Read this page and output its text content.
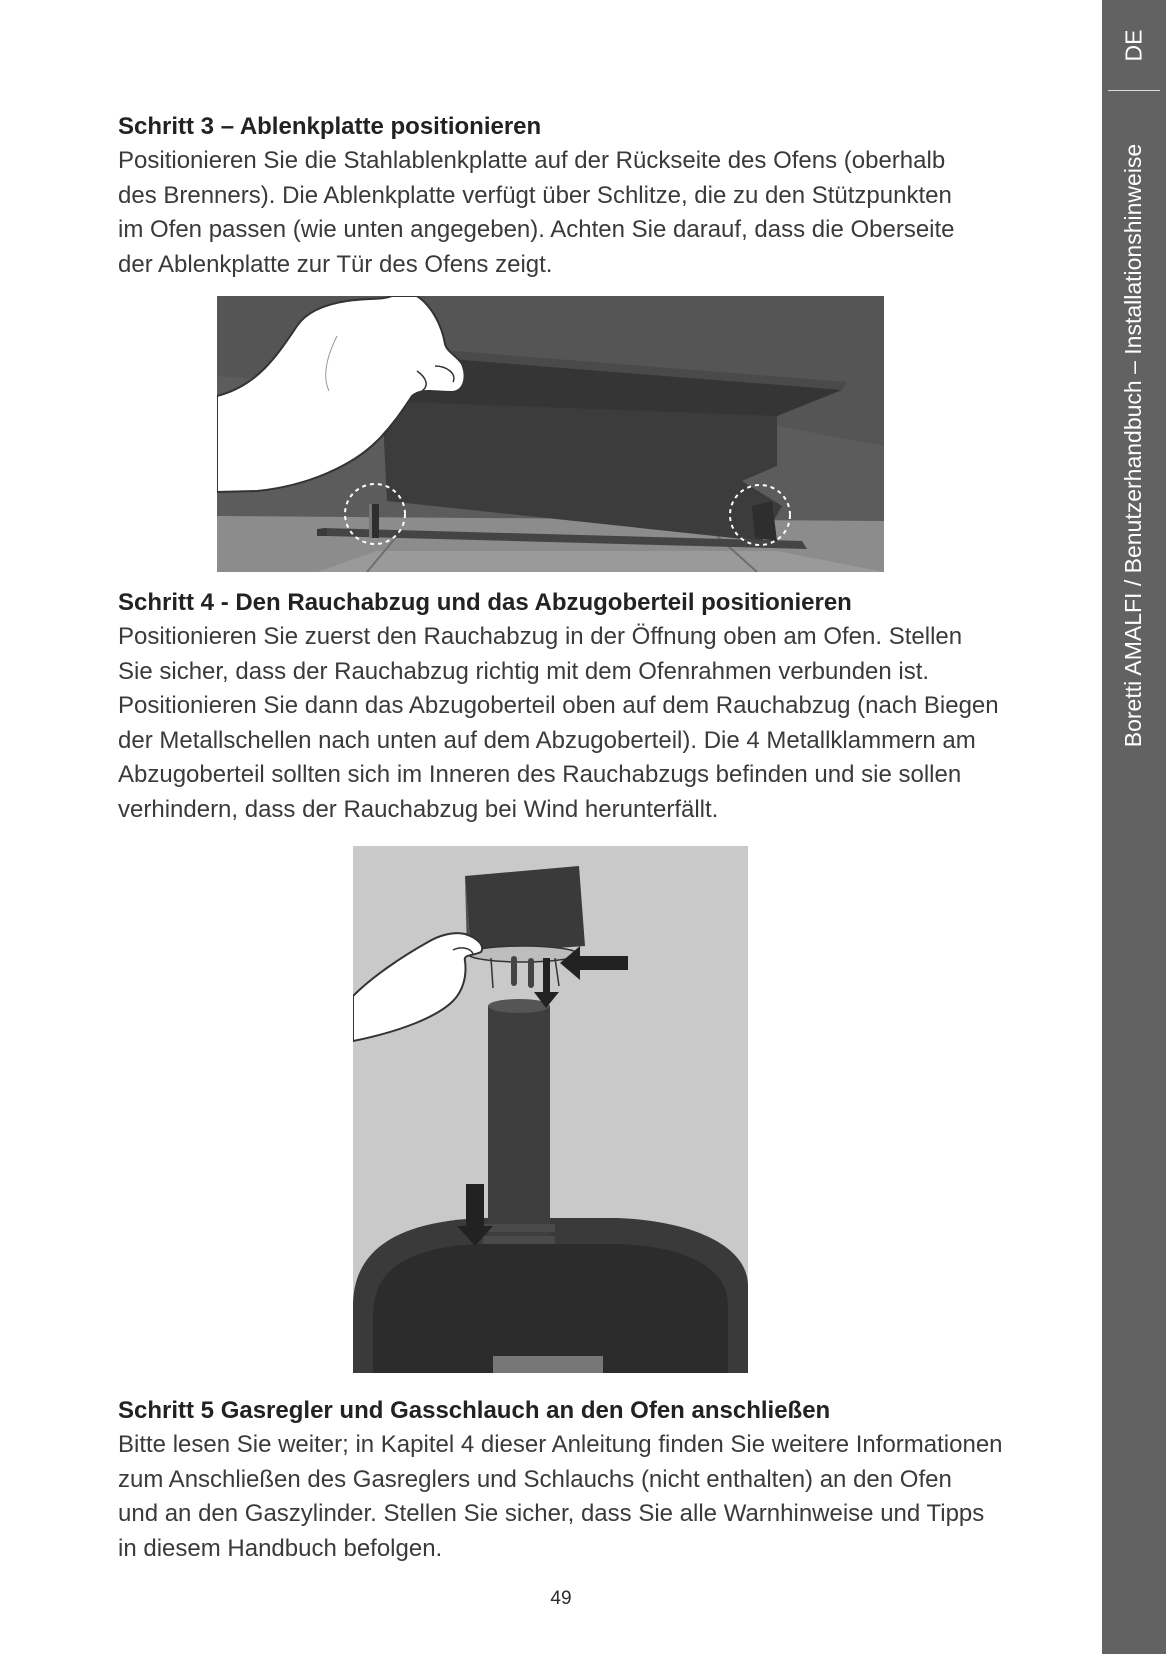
DE
Boretti AMALFI / Benutzerhandbuch – Installationshinweise
Schritt 3 – Ablenkplatte positionieren

Positionieren Sie die Stahlablenkplatte auf der Rückseite des Ofens (oberhalb
des Brenners). Die Ablenkplatte verfügt über Schlitze, die zu den Stützpunkten
im Ofen passen (wie unten angegeben). Achten Sie darauf, dass die Oberseite
der Ablenkplatte zur Tür des Ofens zeigt.

Schritt 4 - Den Rauchabzug und das Abzugoberteil positionieren

Positionieren Sie zuerst den Rauchabzug in der Öffnung oben am Ofen. Stellen
Sie sicher, dass der Rauchabzug richtig mit dem Ofenrahmen verbunden ist.
Positionieren Sie dann das Abzugoberteil oben auf dem Rauchabzug (nach Biegen
der Metallschellen nach unten auf dem Abzugoberteil). Die 4 Metallklammern am
Abzugoberteil sollten sich im Inneren des Rauchabzugs befinden und sie sollen
verhindern, dass der Rauchabzug bei Wind herunterfällt.

Schritt 5 Gasregler und Gasschlauch an den Ofen anschließen

Bitte lesen Sie weiter; in Kapitel 4 dieser Anleitung finden Sie weitere Informationen
zum Anschließen des Gasreglers und Schlauchs (nicht enthalten) an den Ofen
und an den Gaszylinder. Stellen Sie sicher, dass Sie alle Warnhinweise und Tipps
in diesem Handbuch befolgen.

49
